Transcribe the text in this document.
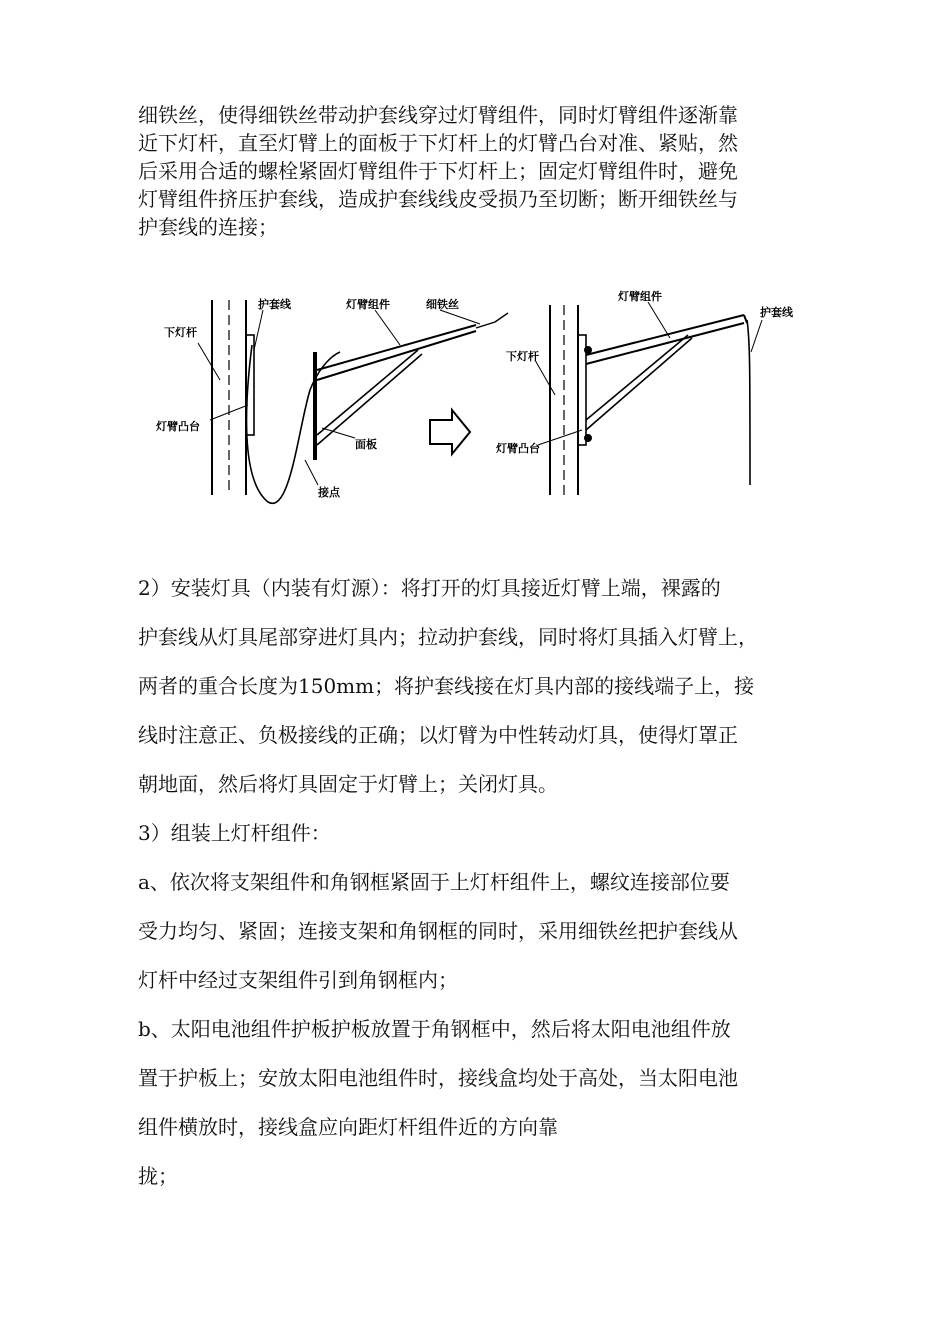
细铁丝，使得细铁丝带动护套线穿过灯臂组件，同时灯臂组件逐渐靠
近下灯杆，直至灯臂上的面板于下灯杆上的灯臂凸台对准、紧贴，然
后采用合适的螺栓紧固灯臂组件于下灯杆上；固定灯臂组件时，避免
灯臂组件挤压护套线，造成护套线线皮受损乃至切断；断开细铁丝与
护套线的连接；

下灯杆
护套线	灯臂组件	细铁丝
灯臂凸台
面板
接点
灯臂组件
护套线
下灯杆
灯臂凸台

2）安装灯具（内装有灯源）：将打开的灯具接近灯臂上端，裸露的
护套线从灯具尾部穿进灯具内；拉动护套线，同时将灯具插入灯臂上，
两者的重合长度为150mm；将护套线接在灯具内部的接线端子上，接
线时注意正、负极接线的正确；以灯臂为中性转动灯具，使得灯罩正
朝地面，然后将灯具固定于灯臂上；关闭灯具。
3）组装上灯杆组件：
a、依次将支架组件和角钢框紧固于上灯杆组件上，螺纹连接部位要
受力均匀、紧固；连接支架和角钢框的同时，采用细铁丝把护套线从
灯杆中经过支架组件引到角钢框内；
b、太阳电池组件护板护板放置于角钢框中，然后将太阳电池组件放
置于护板上；安放太阳电池组件时，接线盒均处于高处，当太阳电池
组件横放时，接线盒应向距灯杆组件近的方向靠
拢；
